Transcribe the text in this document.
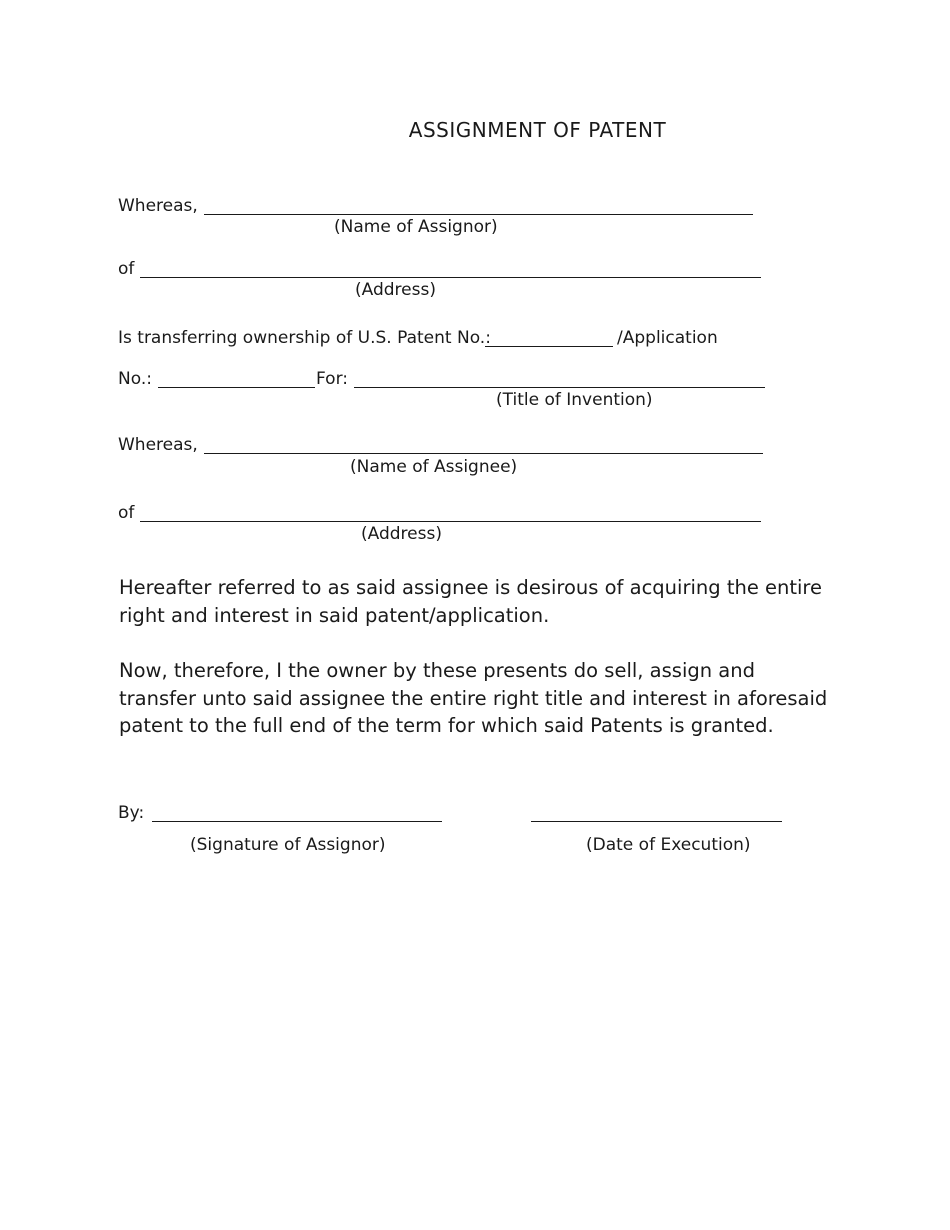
ASSIGNMENT OF PATENT
Whereas,
(Name of Assignor)
of
(Address)
Is transferring ownership of U.S. Patent No.:	/Application
No.:	For:
(Title of Invention)
Whereas,
(Name of Assignee)
of
(Address)
Hereafter referred to as said assignee is desirous of acquiring the entire
right and interest in said patent/application.
Now, therefore, I the owner by these presents do sell, assign and
transfer unto said assignee the entire right title and interest in aforesaid
patent to the full end of the term for which said Patents is granted.
By:
(Signature of Assignor)	(Date of Execution)
